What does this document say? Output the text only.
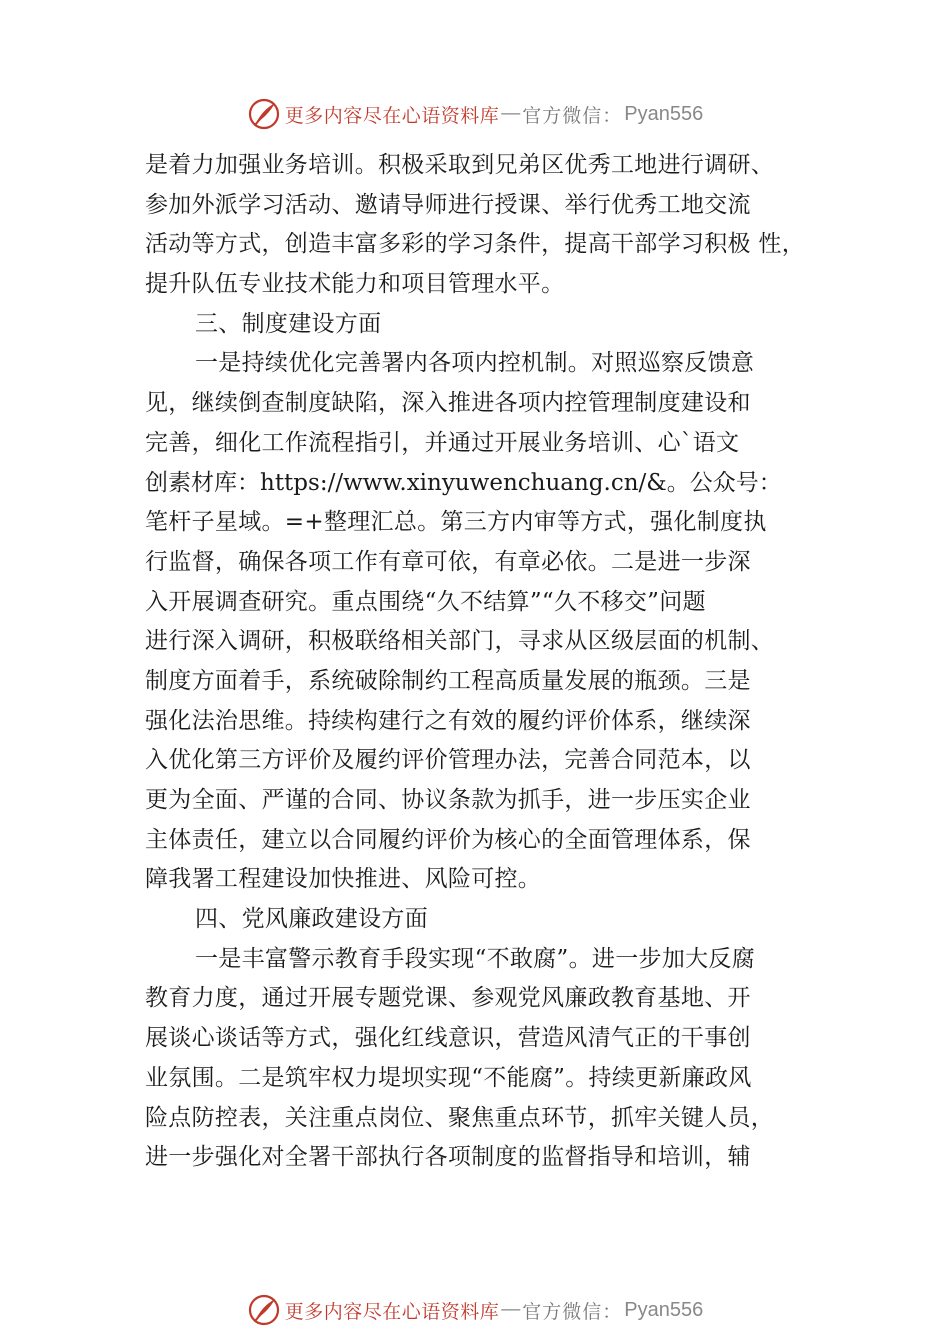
更多内容尽在心语资料库 — 官方微信： Pyan556
是着力加强业务培训。积极采取到兄弟区优秀工地进行调研、
参加外派学习活动、邀请导师进行授课、举行优秀工地交流
活动等方式，创造丰富多彩的学习条件，提高干部学习积极 性，
提升队伍专业技术能力和项目管理水平。
三、制度建设方面
一是持续优化完善署内各项内控机制。对照巡察反馈意
见，继续倒查制度缺陷，深入推进各项内控管理制度建设和
完善，细化工作流程指引，并通过开展业务培训、心`语文
创素材库：https://www.xinyuwenchuang.cn/&。公众号：
笔杆子星域。=+整理汇总。第三方内审等方式，强化制度执
行监督，确保各项工作有章可依，有章必依。二是进一步深
入开展调查研究。重点围绕“久不结算”“久不移交”问题
进行深入调研，积极联络相关部门，寻求从区级层面的机制、
制度方面着手，系统破除制约工程高质量发展的瓶颈。三是
强化法治思维。持续构建行之有效的履约评价体系，继续深
入优化第三方评价及履约评价管理办法，完善合同范本，以
更为全面、严谨的合同、协议条款为抓手，进一步压实企业
主体责任，建立以合同履约评价为核心的全面管理体系，保
障我署工程建设加快推进、风险可控。
四、党风廉政建设方面
一是丰富警示教育手段实现“不敢腐”。进一步加大反腐
教育力度，通过开展专题党课、参观党风廉政教育基地、开
展谈心谈话等方式，强化红线意识，营造风清气正的干事创
业氛围。二是筑牢权力堤坝实现“不能腐”。持续更新廉政风
险点防控表，关注重点岗位、聚焦重点环节，抓牢关键人员，
进一步强化对全署干部执行各项制度的监督指导和培训，辅
更多内容尽在心语资料库 — 官方微信： Pyan556
